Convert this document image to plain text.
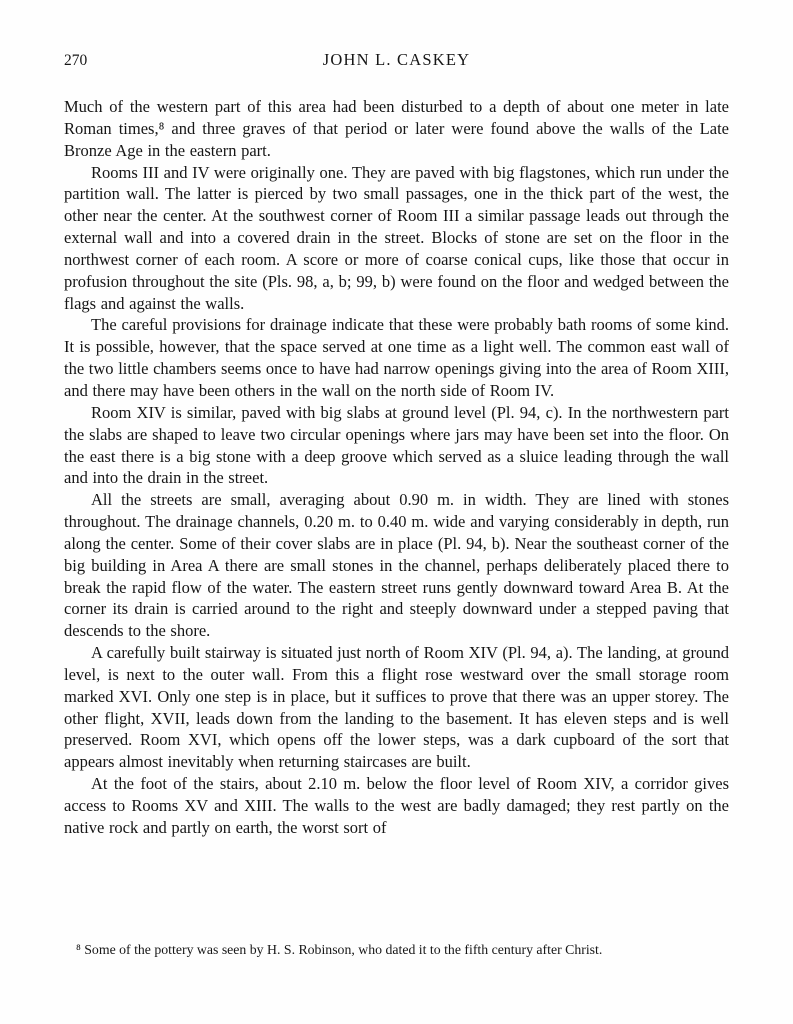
270	JOHN L. CASKEY

Much of the western part of this area had been disturbed to a depth of about one meter in late Roman times,⁸ and three graves of that period or later were found above the walls of the Late Bronze Age in the eastern part.

Rooms III and IV were originally one. They are paved with big flagstones, which run under the partition wall. The latter is pierced by two small passages, one in the thick part of the west, the other near the center. At the southwest corner of Room III a similar passage leads out through the external wall and into a covered drain in the street. Blocks of stone are set on the floor in the northwest corner of each room. A score or more of coarse conical cups, like those that occur in profusion throughout the site (Pls. 98, a, b; 99, b) were found on the floor and wedged between the flags and against the walls.

The careful provisions for drainage indicate that these were probably bath rooms of some kind. It is possible, however, that the space served at one time as a light well. The common east wall of the two little chambers seems once to have had narrow openings giving into the area of Room XIII, and there may have been others in the wall on the north side of Room IV.

Room XIV is similar, paved with big slabs at ground level (Pl. 94, c). In the northwestern part the slabs are shaped to leave two circular openings where jars may have been set into the floor. On the east there is a big stone with a deep groove which served as a sluice leading through the wall and into the drain in the street.

All the streets are small, averaging about 0.90 m. in width. They are lined with stones throughout. The drainage channels, 0.20 m. to 0.40 m. wide and varying considerably in depth, run along the center. Some of their cover slabs are in place (Pl. 94, b). Near the southeast corner of the big building in Area A there are small stones in the channel, perhaps deliberately placed there to break the rapid flow of the water. The eastern street runs gently downward toward Area B. At the corner its drain is carried around to the right and steeply downward under a stepped paving that descends to the shore.

A carefully built stairway is situated just north of Room XIV (Pl. 94, a). The landing, at ground level, is next to the outer wall. From this a flight rose westward over the small storage room marked XVI. Only one step is in place, but it suffices to prove that there was an upper storey. The other flight, XVII, leads down from the landing to the basement. It has eleven steps and is well preserved. Room XVI, which opens off the lower steps, was a dark cupboard of the sort that appears almost inevitably when returning staircases are built.

At the foot of the stairs, about 2.10 m. below the floor level of Room XIV, a corridor gives access to Rooms XV and XIII. The walls to the west are badly damaged; they rest partly on the native rock and partly on earth, the worst sort of

⁸ Some of the pottery was seen by H. S. Robinson, who dated it to the fifth century after Christ.
